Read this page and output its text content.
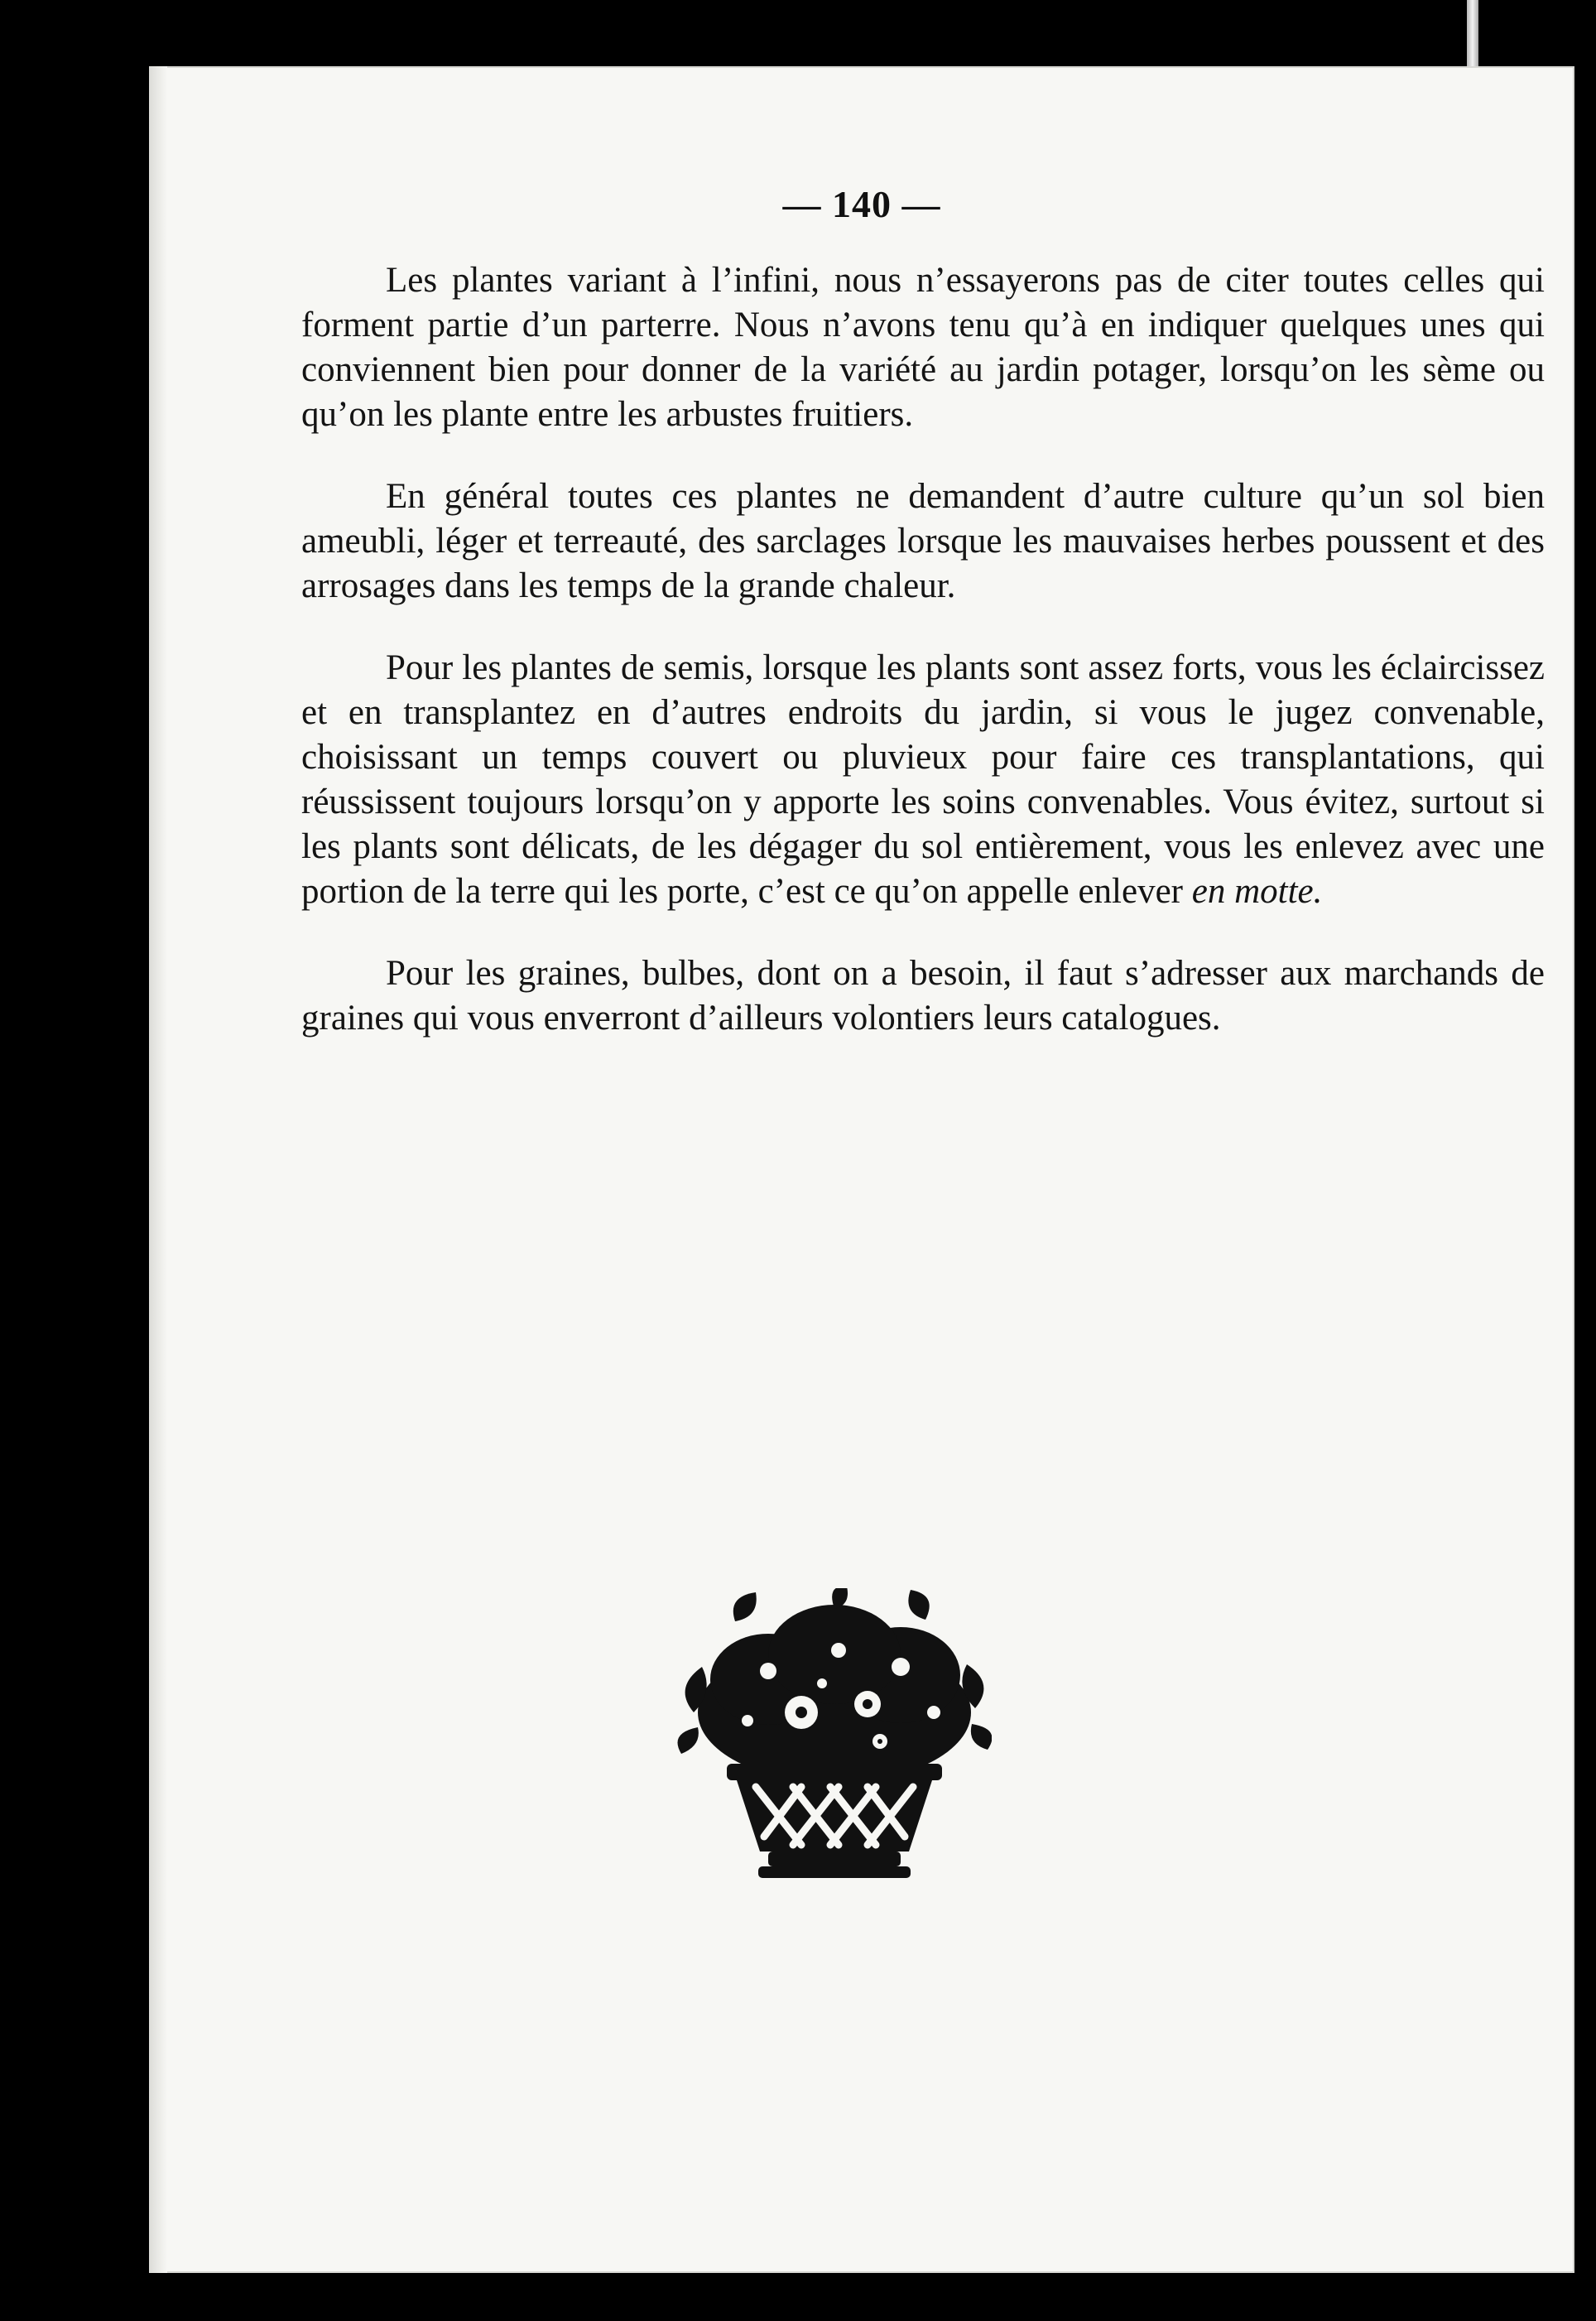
— 140 —

Les plantes variant à l’infini, nous n’essayerons pas de citer toutes celles qui forment partie d’un parterre. Nous n’avons tenu qu’à en indiquer quelques unes qui conviennent bien pour donner de la variété au jardin potager, lorsqu’on les sème ou qu’on les plante entre les arbustes fruitiers.

En général toutes ces plantes ne demandent d’autre culture qu’un sol bien ameubli, léger et terreauté, des sarclages lorsque les mauvaises herbes poussent et des arrosages dans les temps de la grande chaleur.

Pour les plantes de semis, lorsque les plants sont assez forts, vous les éclaircissez et en transplantez en d’autres endroits du jardin, si vous le jugez convenable, choisissant un temps couvert ou pluvieux pour faire ces transplantations, qui réussissent toujours lorsqu’on y apporte les soins convenables. Vous évitez, surtout si les plants sont délicats, de les dégager du sol entièrement, vous les enlevez avec une portion de la terre qui les porte, c’est ce qu’on appelle enlever en motte.

Pour les graines, bulbes, dont on a besoin, il faut s’adresser aux marchands de graines qui vous enverront d’ailleurs volontiers leurs catalogues.
